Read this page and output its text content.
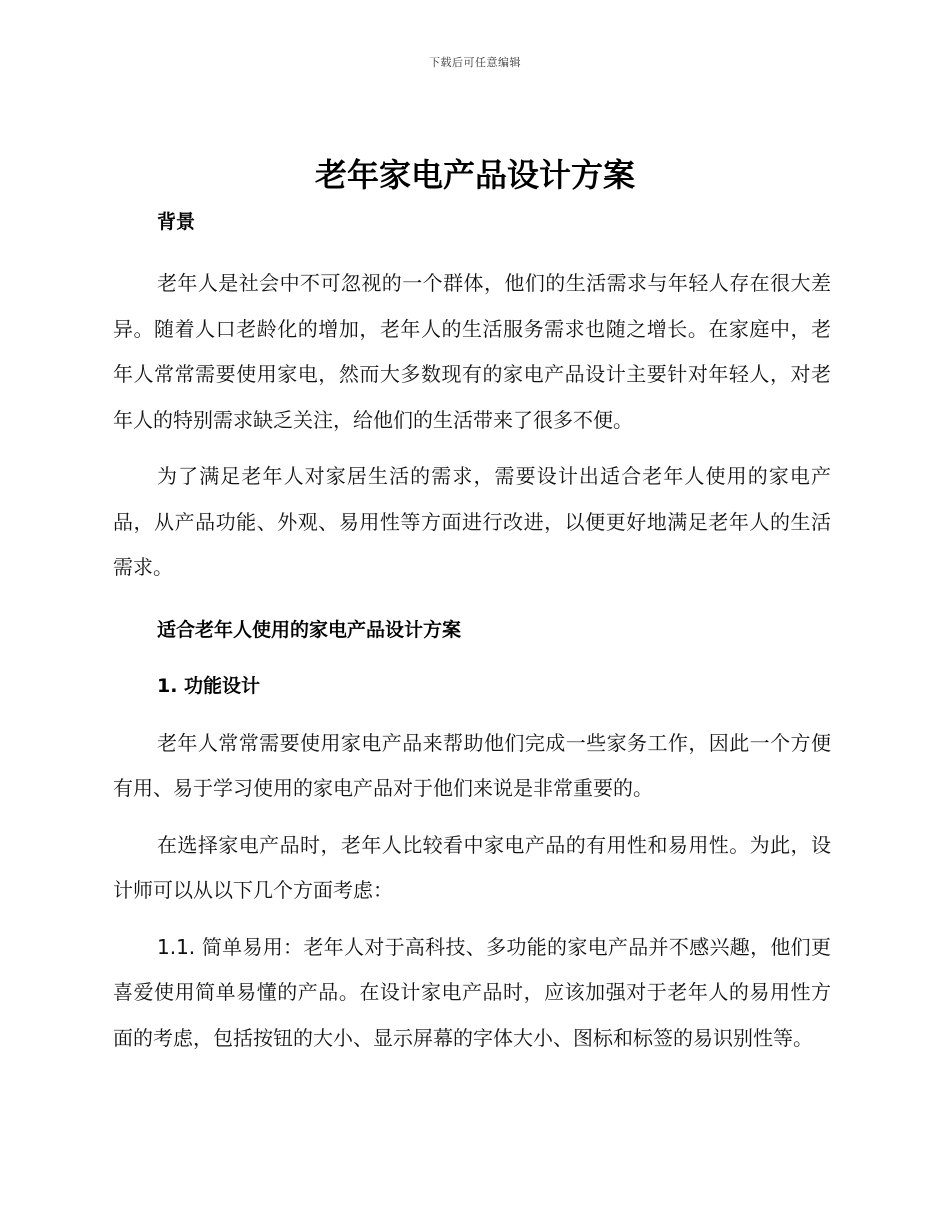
下载后可任意编辑
老年家电产品设计方案
背景

老年人是社会中不可忽视的一个群体，他们的生活需求与年轻人存在很大差异。随着人口老龄化的增加，老年人的生活服务需求也随之增长。在家庭中，老年人常常需要使用家电，然而大多数现有的家电产品设计主要针对年轻人，对老年人的特别需求缺乏关注，给他们的生活带来了很多不便。

为了满足老年人对家居生活的需求，需要设计出适合老年人使用的家电产品，从产品功能、外观、易用性等方面进行改进，以便更好地满足老年人的生活需求。

适合老年人使用的家电产品设计方案
1. 功能设计

老年人常常需要使用家电产品来帮助他们完成一些家务工作，因此一个方便有用、易于学习使用的家电产品对于他们来说是非常重要的。

在选择家电产品时，老年人比较看中家电产品的有用性和易用性。为此，设计师可以从以下几个方面考虑：

1.1. 简单易用：老年人对于高科技、多功能的家电产品并不感兴趣，他们更喜爱使用简单易懂的产品。在设计家电产品时，应该加强对于老年人的易用性方面的考虑，包括按钮的大小、显示屏幕的字体大小、图标和标签的易识别性等。
